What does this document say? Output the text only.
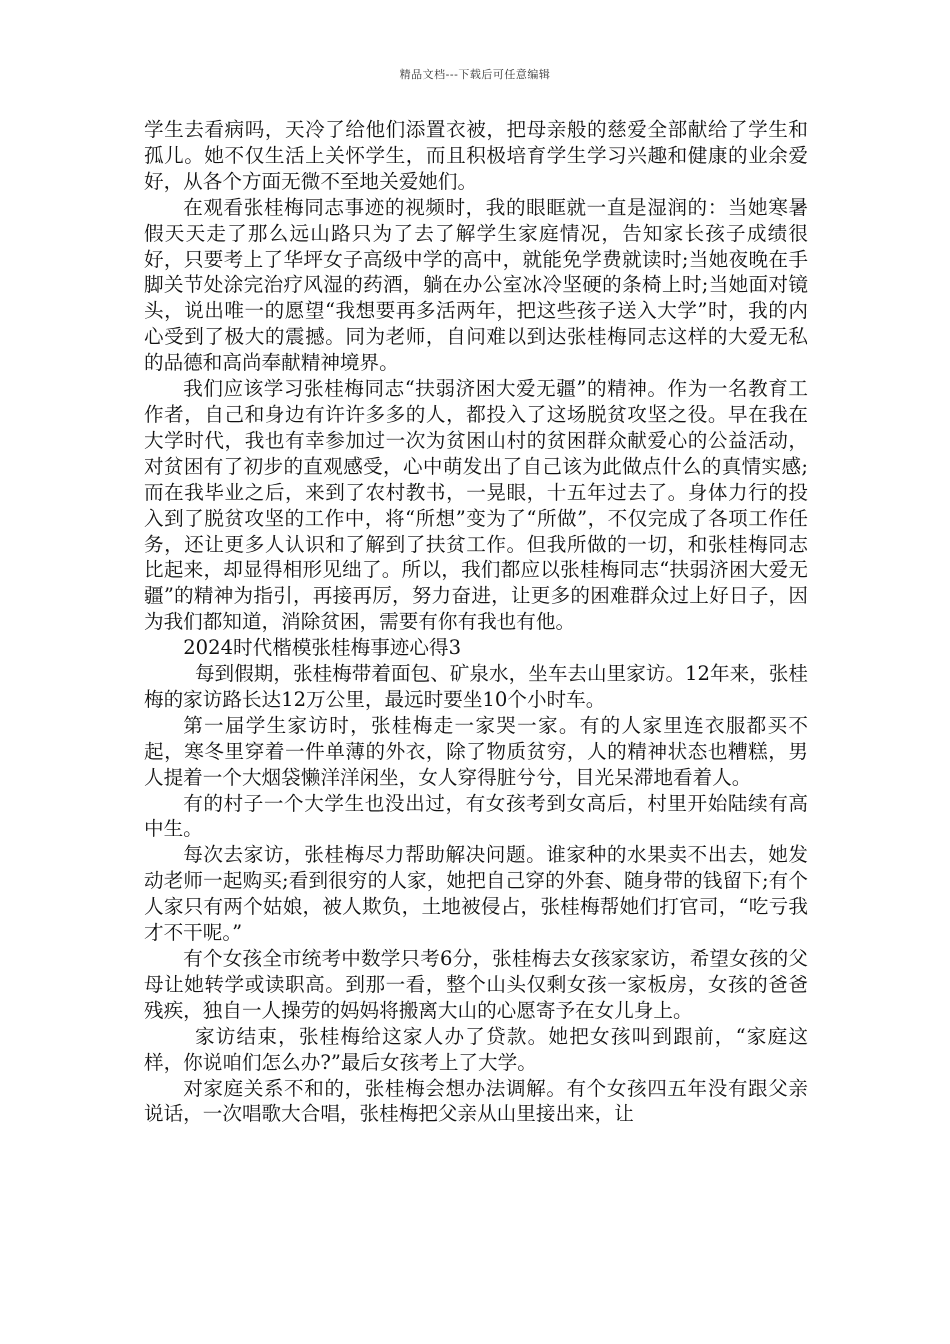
精品文档---下载后可任意编辑

学生去看病吗，天冷了给他们添置衣被，把母亲般的慈爱全部献给了学生和孤儿。她不仅生活上关怀学生，而且积极培育学生学习兴趣和健康的业余爱好，从各个方面无微不至地关爱她们。

在观看张桂梅同志事迹的视频时，我的眼眶就一直是湿润的：当她寒暑假天天走了那么远山路只为了去了解学生家庭情况，告知家长孩子成绩很好，只要考上了华坪女子高级中学的高中，就能免学费就读时;当她夜晚在手脚关节处涂完治疗风湿的药酒，躺在办公室冰冷坚硬的条椅上时;当她面对镜头，说出唯一的愿望“我想要再多活两年，把这些孩子送入大学”时，我的内心受到了极大的震撼。同为老师，自问难以到达张桂梅同志这样的大爱无私的品德和高尚奉献精神境界。

我们应该学习张桂梅同志“扶弱济困大爱无疆”的精神。作为一名教育工作者，自己和身边有许许多多的人，都投入了这场脱贫攻坚之役。早在我在大学时代，我也有幸参加过一次为贫困山村的贫困群众献爱心的公益活动，对贫困有了初步的直观感受，心中萌发出了自己该为此做点什么的真情实感;而在我毕业之后，来到了农村教书，一晃眼，十五年过去了。身体力行的投入到了脱贫攻坚的工作中，将“所想”变为了“所做”，不仅完成了各项工作任务，还让更多人认识和了解到了扶贫工作。但我所做的一切，和张桂梅同志比起来，却显得相形见绌了。所以，我们都应以张桂梅同志“扶弱济困大爱无疆”的精神为指引，再接再厉，努力奋进，让更多的困难群众过上好日子，因为我们都知道，消除贫困，需要有你有我也有他。

2024时代楷模张桂梅事迹心得3

每到假期，张桂梅带着面包、矿泉水，坐车去山里家访。12年来，张桂梅的家访路长达12万公里，最远时要坐10个小时车。

第一届学生家访时，张桂梅走一家哭一家。有的人家里连衣服都买不起，寒冬里穿着一件单薄的外衣，除了物质贫穷，人的精神状态也糟糕，男人提着一个大烟袋懒洋洋闲坐，女人穿得脏兮兮，目光呆滞地看着人。

有的村子一个大学生也没出过，有女孩考到女高后，村里开始陆续有高中生。

每次去家访，张桂梅尽力帮助解决问题。谁家种的水果卖不出去，她发动老师一起购买;看到很穷的人家，她把自己穿的外套、随身带的钱留下;有个人家只有两个姑娘，被人欺负，土地被侵占，张桂梅帮她们打官司，“吃亏我才不干呢。”

有个女孩全市统考中数学只考6分，张桂梅去女孩家家访，希望女孩的父母让她转学或读职高。到那一看，整个山头仅剩女孩一家板房，女孩的爸爸残疾，独自一人操劳的妈妈将搬离大山的心愿寄予在女儿身上。

家访结束，张桂梅给这家人办了贷款。她把女孩叫到跟前，“家庭这样，你说咱们怎么办?”最后女孩考上了大学。

对家庭关系不和的，张桂梅会想办法调解。有个女孩四五年没有跟父亲说话，一次唱歌大合唱，张桂梅把父亲从山里接出来，让
